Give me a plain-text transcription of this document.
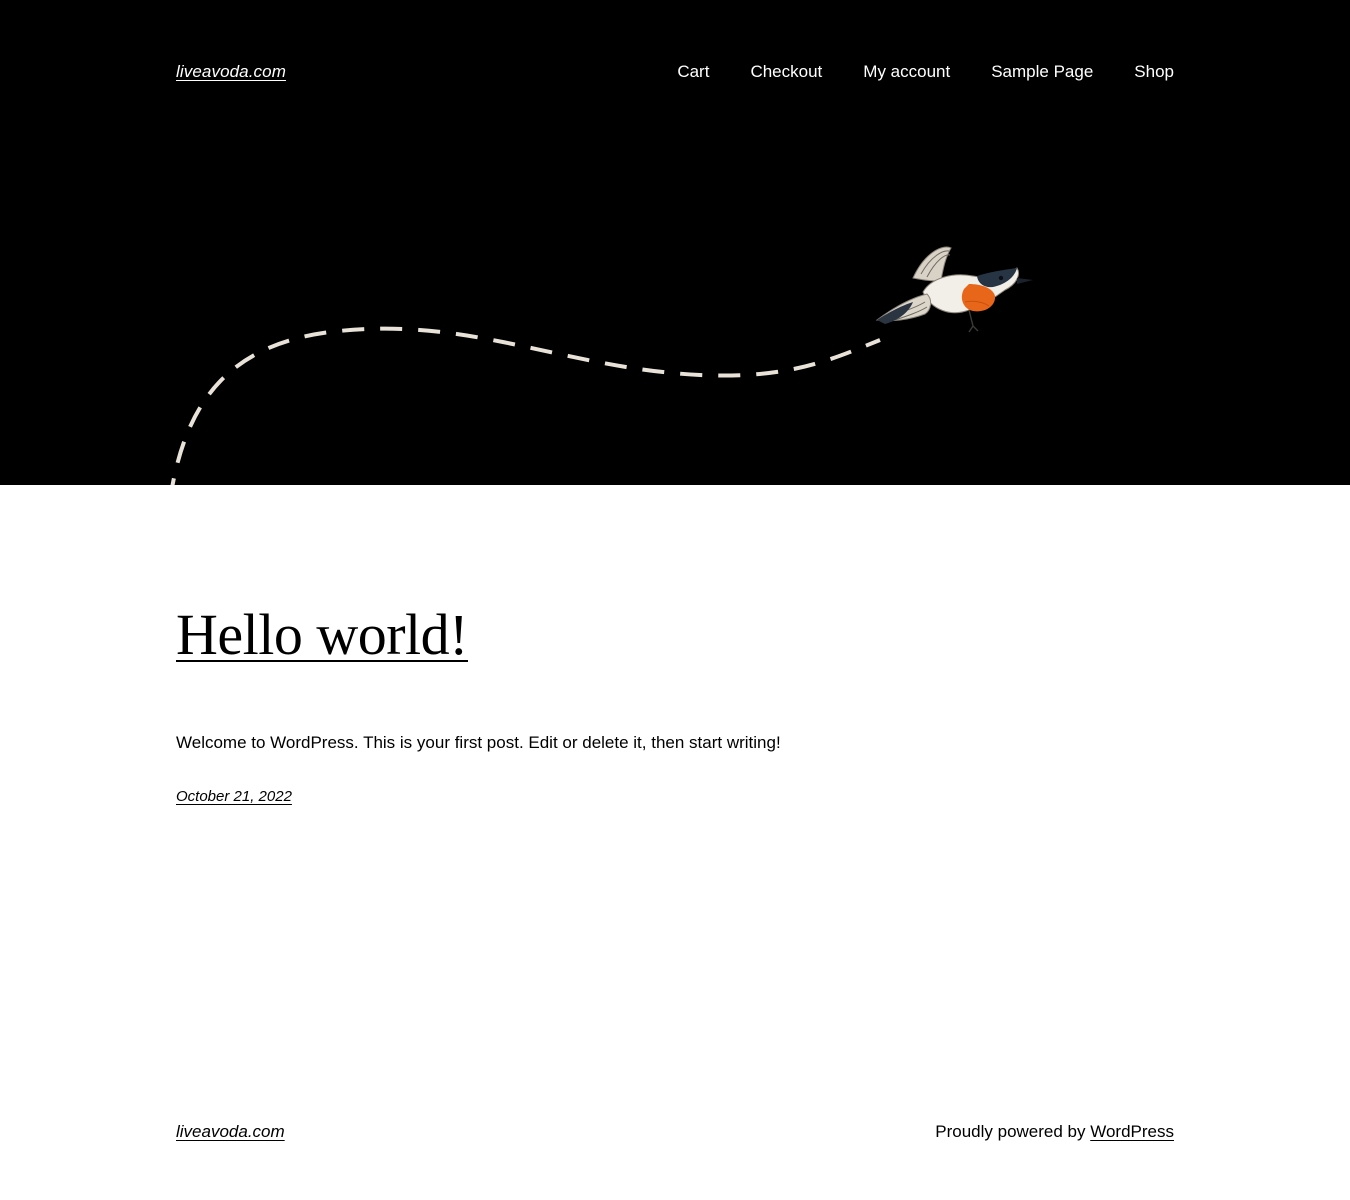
liveavoda.com	Cart Checkout My account Sample Page Shop
Hello world!

Welcome to WordPress. This is your first post. Edit or delete it, then start writing!

October 21, 2022
liveavoda.com	Proudly powered by WordPress
